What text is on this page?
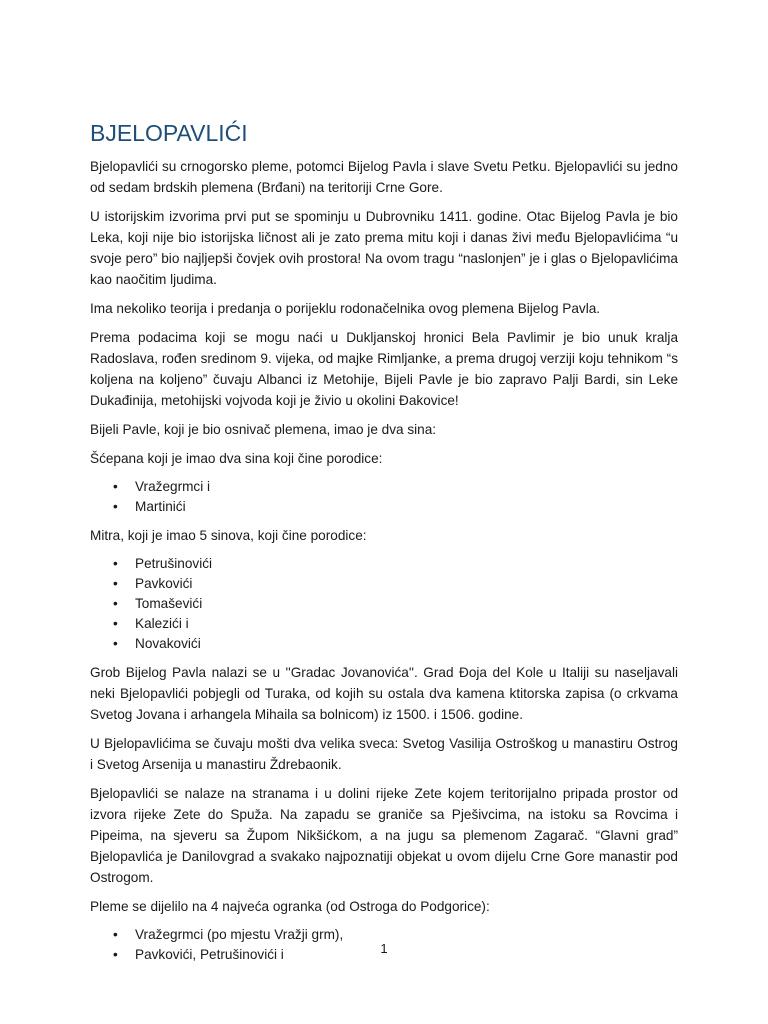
BJELOPAVLIĆI

Bjelopavlići su crnogorsko pleme, potomci Bijelog Pavla i slave Svetu Petku. Bjelopavlići su jedno od sedam brdskih plemena (Brđani) na teritoriji Crne Gore.

U istorijskim izvorima prvi put se spominju u Dubrovniku 1411. godine. Otac Bijelog Pavla je bio Leka, koji nije bio istorijska ličnost ali je zato prema mitu koji i danas živi među Bjelopavlićima “u svoje pero” bio najljepši čovjek ovih prostora! Na ovom tragu “naslonjen” je i glas o Bjelopavlićima kao naočitim ljudima.

Ima nekoliko teorija i predanja o porijeklu rodonačelnika ovog plemena Bijelog Pavla.

Prema podacima koji se mogu naći u Dukljanskoj hronici Bela Pavlimir je bio unuk kralja Radoslava, rođen sredinom 9. vijeka, od majke Rimljanke, a prema drugoj verziji koju tehnikom “s koljena na koljeno” čuvaju Albanci iz Metohije, Bijeli Pavle je bio zapravo Palji Bardi, sin Leke Dukađinija, metohijski vojvoda koji je živio u okolini Đakovice!

Bijeli Pavle, koji je bio osnivač plemena, imao je dva sina:

Šćepana koji je imao dva sina koji čine porodice:

• Vražegrmci i
• Martinići

Mitra, koji je imao 5 sinova, koji čine porodice:

• Petrušinovići
• Pavkovići
• Tomaševići
• Kalezići i
• Novakovići

Grob Bijelog Pavla nalazi se u ''Gradac Jovanovića''. Grad Đoja del Kole u Italiji su naseljavali neki Bjelopavlići pobjegli od Turaka, od kojih su ostala dva kamena ktitorska zapisa (o crkvama Svetog Jovana i arhangela Mihaila sa bolnicom) iz 1500. i 1506. godine.

U Bjelopavlićima se čuvaju mošti dva velika sveca: Svetog Vasilija Ostroškog u manastiru Ostrog i Svetog Arsenija u manastiru Ždrebaonik.

Bjelopavlići se nalaze na stranama i u dolini rijeke Zete kojem teritorijalno pripada prostor od izvora rijeke Zete do Spuža. Na zapadu se graniče sa Pješivcima, na istoku sa Rovcima i Pipeima, na sjeveru sa Župom Nikšićkom, a na jugu sa plemenom Zagarač. “Glavni grad” Bjelopavlića je Danilovgrad a svakako najpoznatiji objekat u ovom dijelu Crne Gore manastir pod Ostrogom.

Pleme se dijelilo na 4 najveća ogranka (od Ostroga do Podgorice):

• Vražegrmci (po mjestu Vražji grm),
• Pavkovići, Petrušinovići i	1
